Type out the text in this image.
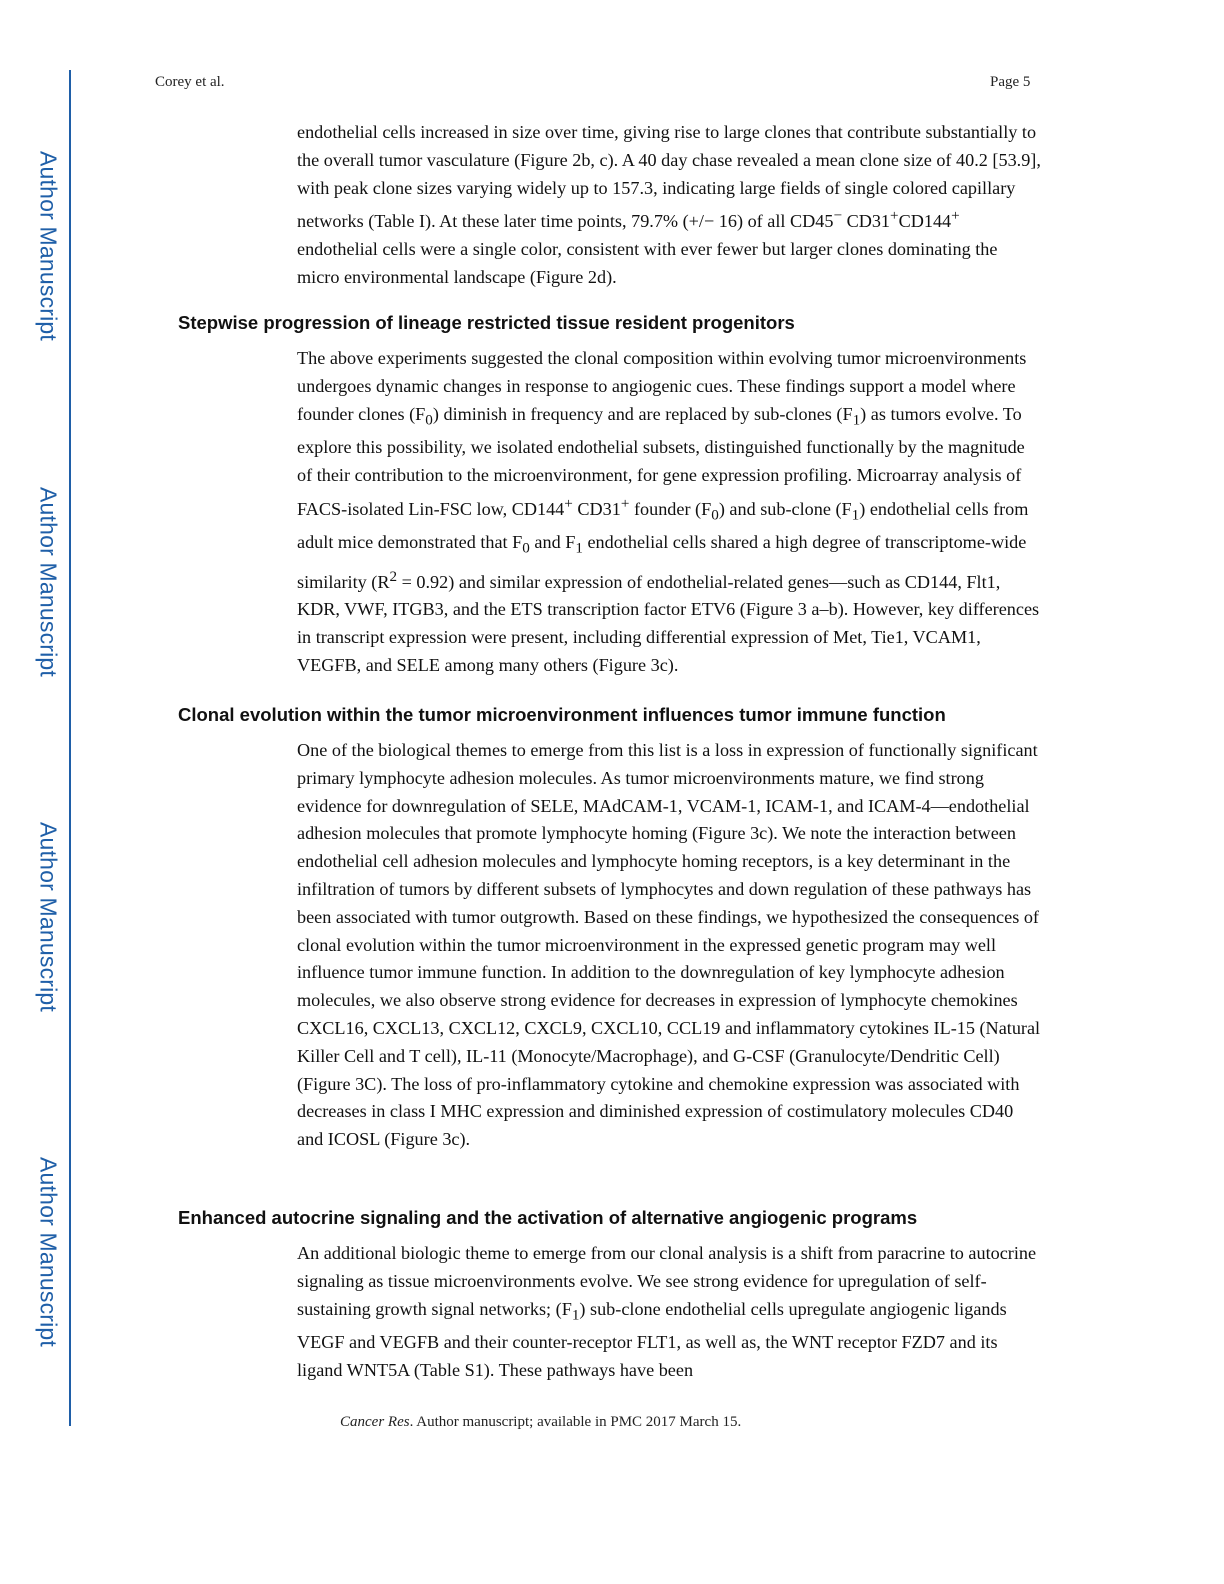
Author Manuscript
Author Manuscript
Author Manuscript
Author Manuscript
Corey et al.	Page 5
endothelial cells increased in size over time, giving rise to large clones that contribute substantially to the overall tumor vasculature (Figure 2b, c). A 40 day chase revealed a mean clone size of 40.2 [53.9], with peak clone sizes varying widely up to 157.3, indicating large fields of single colored capillary networks (Table I). At these later time points, 79.7% (+/− 16) of all CD45− CD31+CD144+ endothelial cells were a single color, consistent with ever fewer but larger clones dominating the micro environmental landscape (Figure 2d).
Stepwise progression of lineage restricted tissue resident progenitors
The above experiments suggested the clonal composition within evolving tumor microenvironments undergoes dynamic changes in response to angiogenic cues. These findings support a model where founder clones $(F_0)$ diminish in frequency and are replaced by sub-clones $(F_1)$ as tumors evolve. To explore this possibility, we isolated endothelial subsets, distinguished functionally by the magnitude of their contribution to the microenvironment, for gene expression profiling. Microarray analysis of FACS-isolated Lin-FSC low, CD144+ CD31+ founder $(F_0)$ and sub-clone $(F_1)$ endothelial cells from adult mice demonstrated that $F_0$ and $F_1$ endothelial cells shared a high degree of transcriptome-wide similarity $(R^2 = 0.92)$ and similar expression of endothelial-related genes—such as CD144, Flt1, KDR, VWF, ITGB3, and the ETS transcription factor ETV6 (Figure 3 a–b). However, key differences in transcript expression were present, including differential expression of Met, Tie1, VCAM1, VEGFB, and SELE among many others (Figure 3c).
Clonal evolution within the tumor microenvironment influences tumor immune function
One of the biological themes to emerge from this list is a loss in expression of functionally significant primary lymphocyte adhesion molecules. As tumor microenvironments mature, we find strong evidence for downregulation of SELE, MAdCAM-1, VCAM-1, ICAM-1, and ICAM-4—endothelial adhesion molecules that promote lymphocyte homing (Figure 3c). We note the interaction between endothelial cell adhesion molecules and lymphocyte homing receptors, is a key determinant in the infiltration of tumors by different subsets of lymphocytes and down regulation of these pathways has been associated with tumor outgrowth. Based on these findings, we hypothesized the consequences of clonal evolution within the tumor microenvironment in the expressed genetic program may well influence tumor immune function. In addition to the downregulation of key lymphocyte adhesion molecules, we also observe strong evidence for decreases in expression of lymphocyte chemokines CXCL16, CXCL13, CXCL12, CXCL9, CXCL10, CCL19 and inflammatory cytokines IL-15 (Natural Killer Cell and T cell), IL-11 (Monocyte/Macrophage), and G-CSF (Granulocyte/Dendritic Cell) (Figure 3C). The loss of pro-inflammatory cytokine and chemokine expression was associated with decreases in class I MHC expression and diminished expression of costimulatory molecules CD40 and ICOSL (Figure 3c).
Enhanced autocrine signaling and the activation of alternative angiogenic programs
An additional biologic theme to emerge from our clonal analysis is a shift from paracrine to autocrine signaling as tissue microenvironments evolve. We see strong evidence for upregulation of self-sustaining growth signal networks; $(F_1)$ sub-clone endothelial cells upregulate angiogenic ligands VEGF and VEGFB and their counter-receptor FLT1, as well as, the WNT receptor FZD7 and its ligand WNT5A (Table S1). These pathways have been
Cancer Res. Author manuscript; available in PMC 2017 March 15.
